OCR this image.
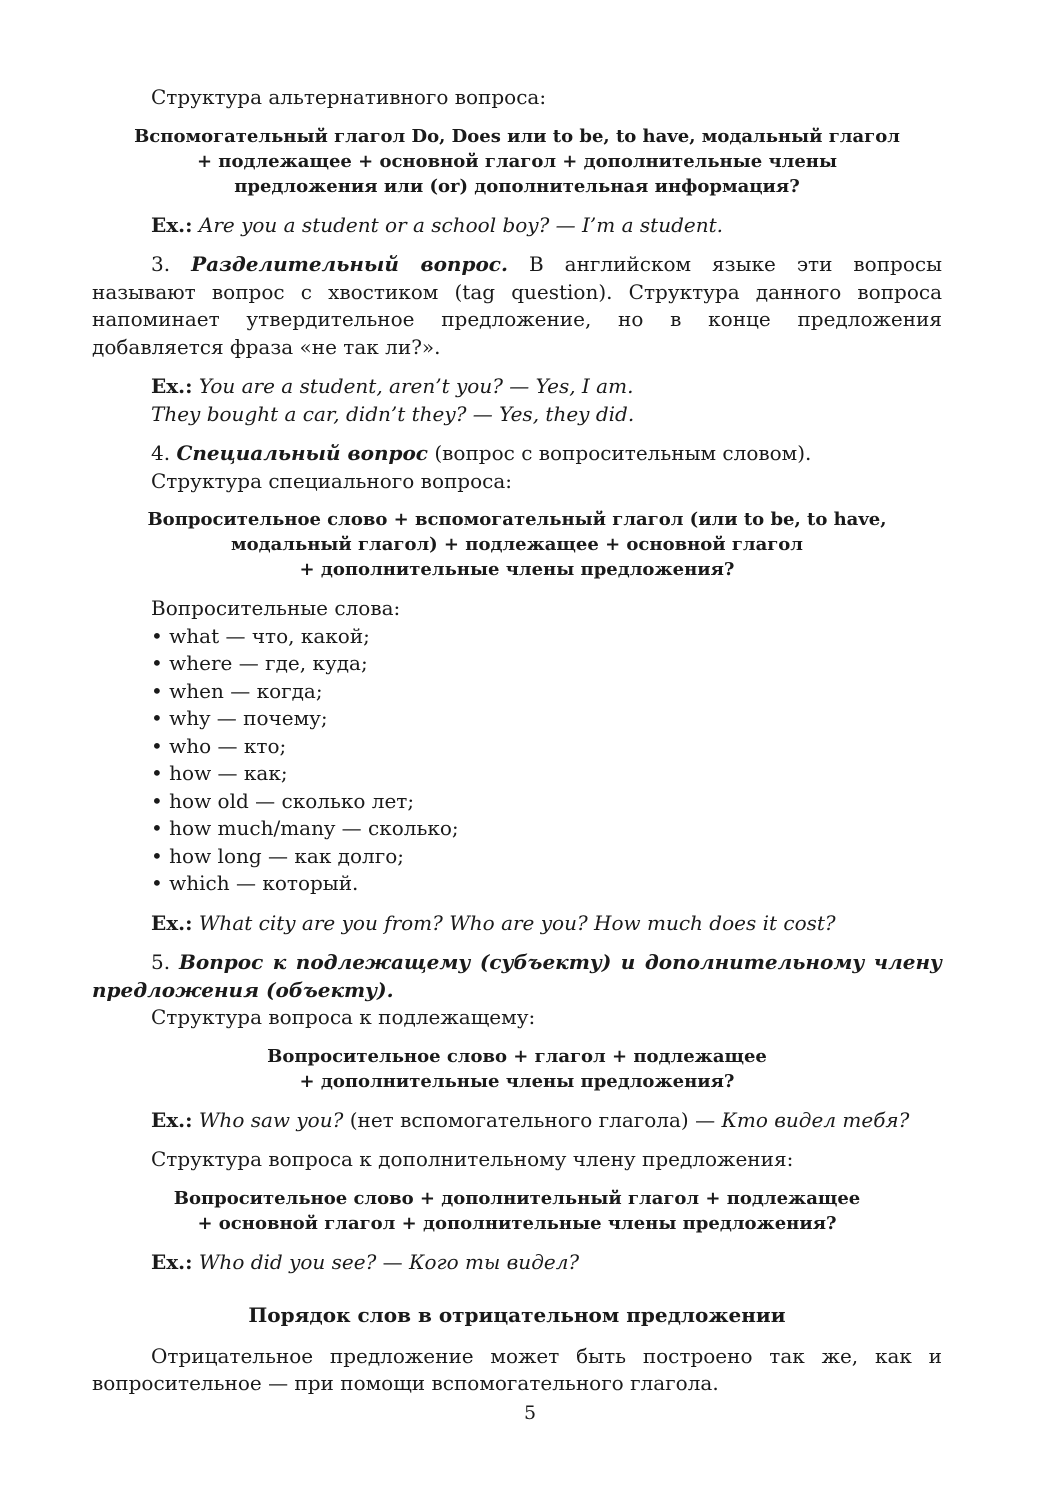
Структура альтернативного вопроса:

Вспомогательный глагол Do, Does или to be, to have, модальный глагол
+ подлежащее + основной глагол + дополнительные члены
предложения или (or) дополнительная информация?

Ex.: Are you a student or a school boy? — I’m a student.

3. Разделительный вопрос. В английском языке эти вопросы называют вопрос с хвостиком (tag question). Структура данного вопроса напоминает утвердительное предложение, но в конце предложения добавляется фраза «не так ли?».

Ex.: You are a student, aren’t you? — Yes, I am.

They bought a car, didn’t they? — Yes, they did.

4. Специальный вопрос (вопрос с вопросительным словом).

Структура специального вопроса:

Вопросительное слово + вспомогательный глагол (или to be, to have,
модальный глагол) + подлежащее + основной глагол
+ дополнительные члены предложения?

Вопросительные слова:

• what — что, какой;
• where — где, куда;
• when — когда;
• why — почему;
• who — кто;
• how — как;
• how old — сколько лет;
• how much/many — сколько;
• how long — как долго;
• which — который.

Ex.: What city are you from? Who are you? How much does it cost?

5. Вопрос к подлежащему (субъекту) и дополнительному члену предложения (объекту).

Структура вопроса к подлежащему:

Вопросительное слово + глагол + подлежащее
+ дополнительные члены предложения?

Ex.: Who saw you? (нет вспомогательного глагола) — Кто видел тебя?

Структура вопроса к дополнительному члену предложения:

Вопросительное слово + дополнительный глагол + подлежащее
+ основной глагол + дополнительные члены предложения?

Ex.: Who did you see? — Кого ты видел?

Порядок слов в отрицательном предложении

Отрицательное предложение может быть построено так же, как и вопросительное — при помощи вспомогательного глагола.

5
